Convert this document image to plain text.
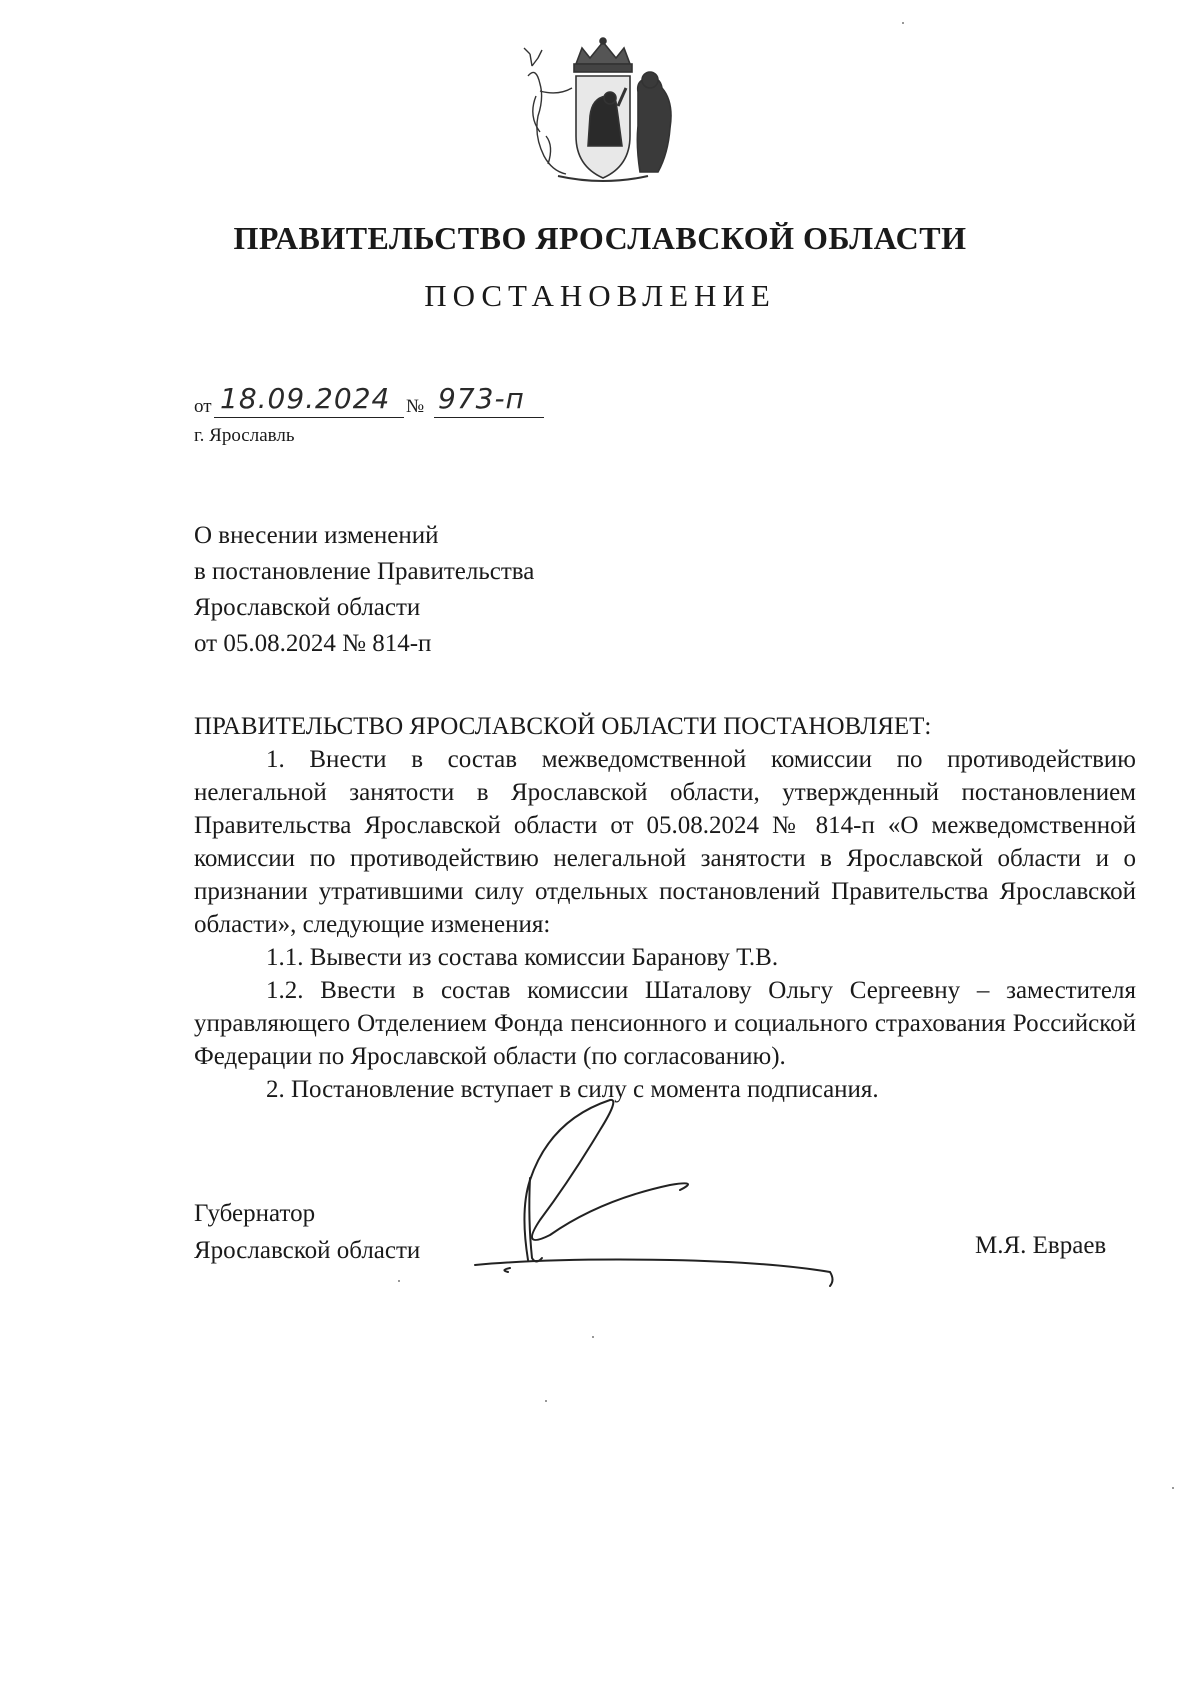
ПРАВИТЕЛЬСТВО ЯРОСЛАВСКОЙ ОБЛАСТИ
ПОСТАНОВЛЕНИЕ
от 18.09.2024 № 973-п
г. Ярославль
О внесении изменений
в постановление Правительства
Ярославской области
от 05.08.2024 № 814-п

ПРАВИТЕЛЬСТВО ЯРОСЛАВСКОЙ ОБЛАСТИ ПОСТАНОВЛЯЕТ:

1. Внести в состав межведомственной комиссии по противодействию нелегальной занятости в Ярославской области, утвержденный постановлением Правительства Ярославской области от 05.08.2024 № 814-п «О межведомственной комиссии по противодействию нелегальной занятости в Ярославской области и о признании утратившими силу отдельных постановлений Правительства Ярославской области», следующие изменения:

1.1. Вывести из состава комиссии Баранову Т.В.

1.2. Ввести в состав комиссии Шаталову Ольгу Сергеевну – заместителя управляющего Отделением Фонда пенсионного и социального страхования Российской Федерации по Ярославской области (по согласованию).

2. Постановление вступает в силу с момента подписания.

Губернатор
Ярославской области	М.Я. Евраев
